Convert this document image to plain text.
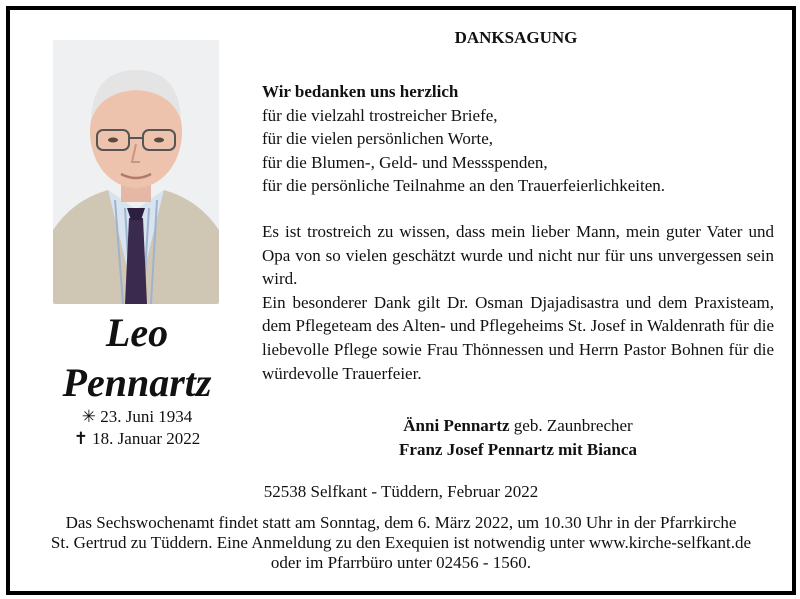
Leo
Pennartz
✳ 23. Juni 1934
✝ 18. Januar 2022
DANKSAGUNG
Wir bedanken uns herzlich
für die vielzahl trostreicher Briefe,
für die vielen persönlichen Worte,
für die Blumen-, Geld- und Messspenden,
für die persönliche Teilnahme an den Trauerfeierlichkeiten.
Es ist trostreich zu wissen, dass mein lieber Mann, mein guter Vater und Opa von so vielen geschätzt wurde und nicht nur für uns unvergessen sein wird.
Ein besonderer Dank gilt Dr. Osman Djajadisastra und dem Praxisteam, dem Pflegeteam des Alten- und Pflegeheims St. Josef in Waldenrath für die liebevolle Pflege sowie Frau Thönnessen und Herrn Pastor Bohnen für die würdevolle Trauerfeier.
Änni Pennartz geb. Zaunbrecher
Franz Josef Pennartz mit Bianca
52538 Selfkant - Tüddern, Februar 2022
Das Sechswochenamt findet statt am Sonntag, dem 6. März 2022, um 10.30 Uhr in der Pfarrkirche
St. Gertrud zu Tüddern. Eine Anmeldung zu den Exequien ist notwendig unter www.kirche-selfkant.de
oder im Pfarrbüro unter 02456 - 1560.
